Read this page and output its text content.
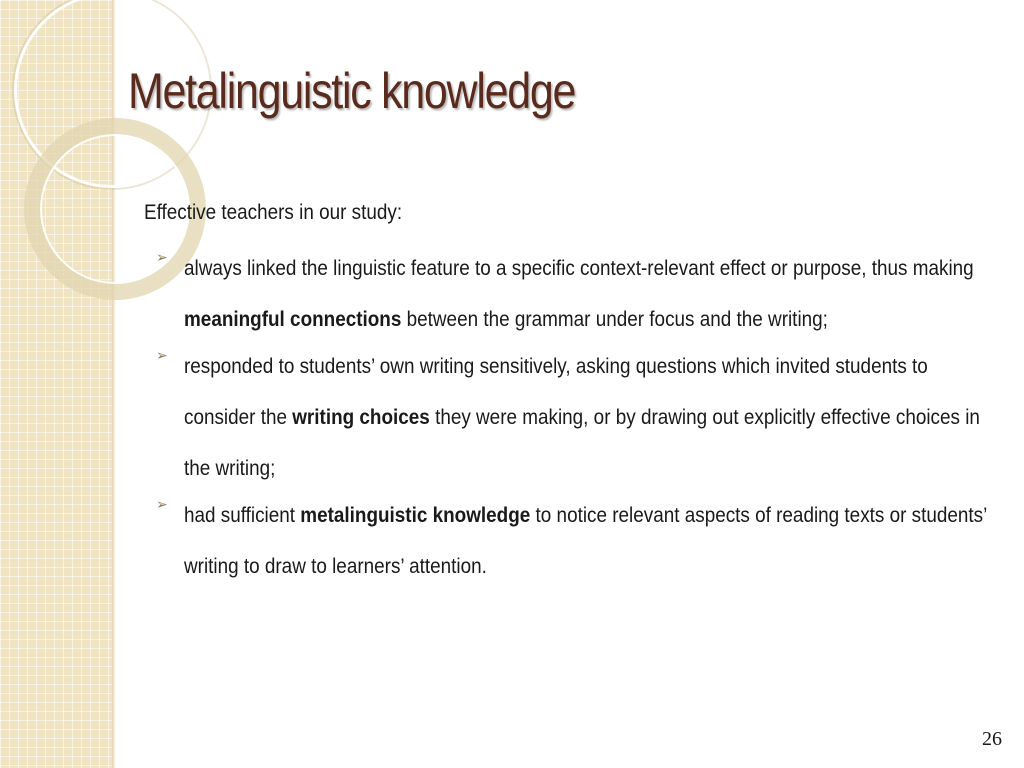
Metalinguistic knowledge

Effective teachers in our study:

➢ always linked the linguistic feature to a specific context-relevant effect or purpose, thus making meaningful connections between the grammar under focus and the writing;
➢ responded to students’ own writing sensitively, asking questions which invited students to consider the writing choices they were making, or by drawing out explicitly effective choices in the writing;
➢ had sufficient metalinguistic knowledge to notice relevant aspects of reading texts or students’ writing to draw to learners’ attention.
26
